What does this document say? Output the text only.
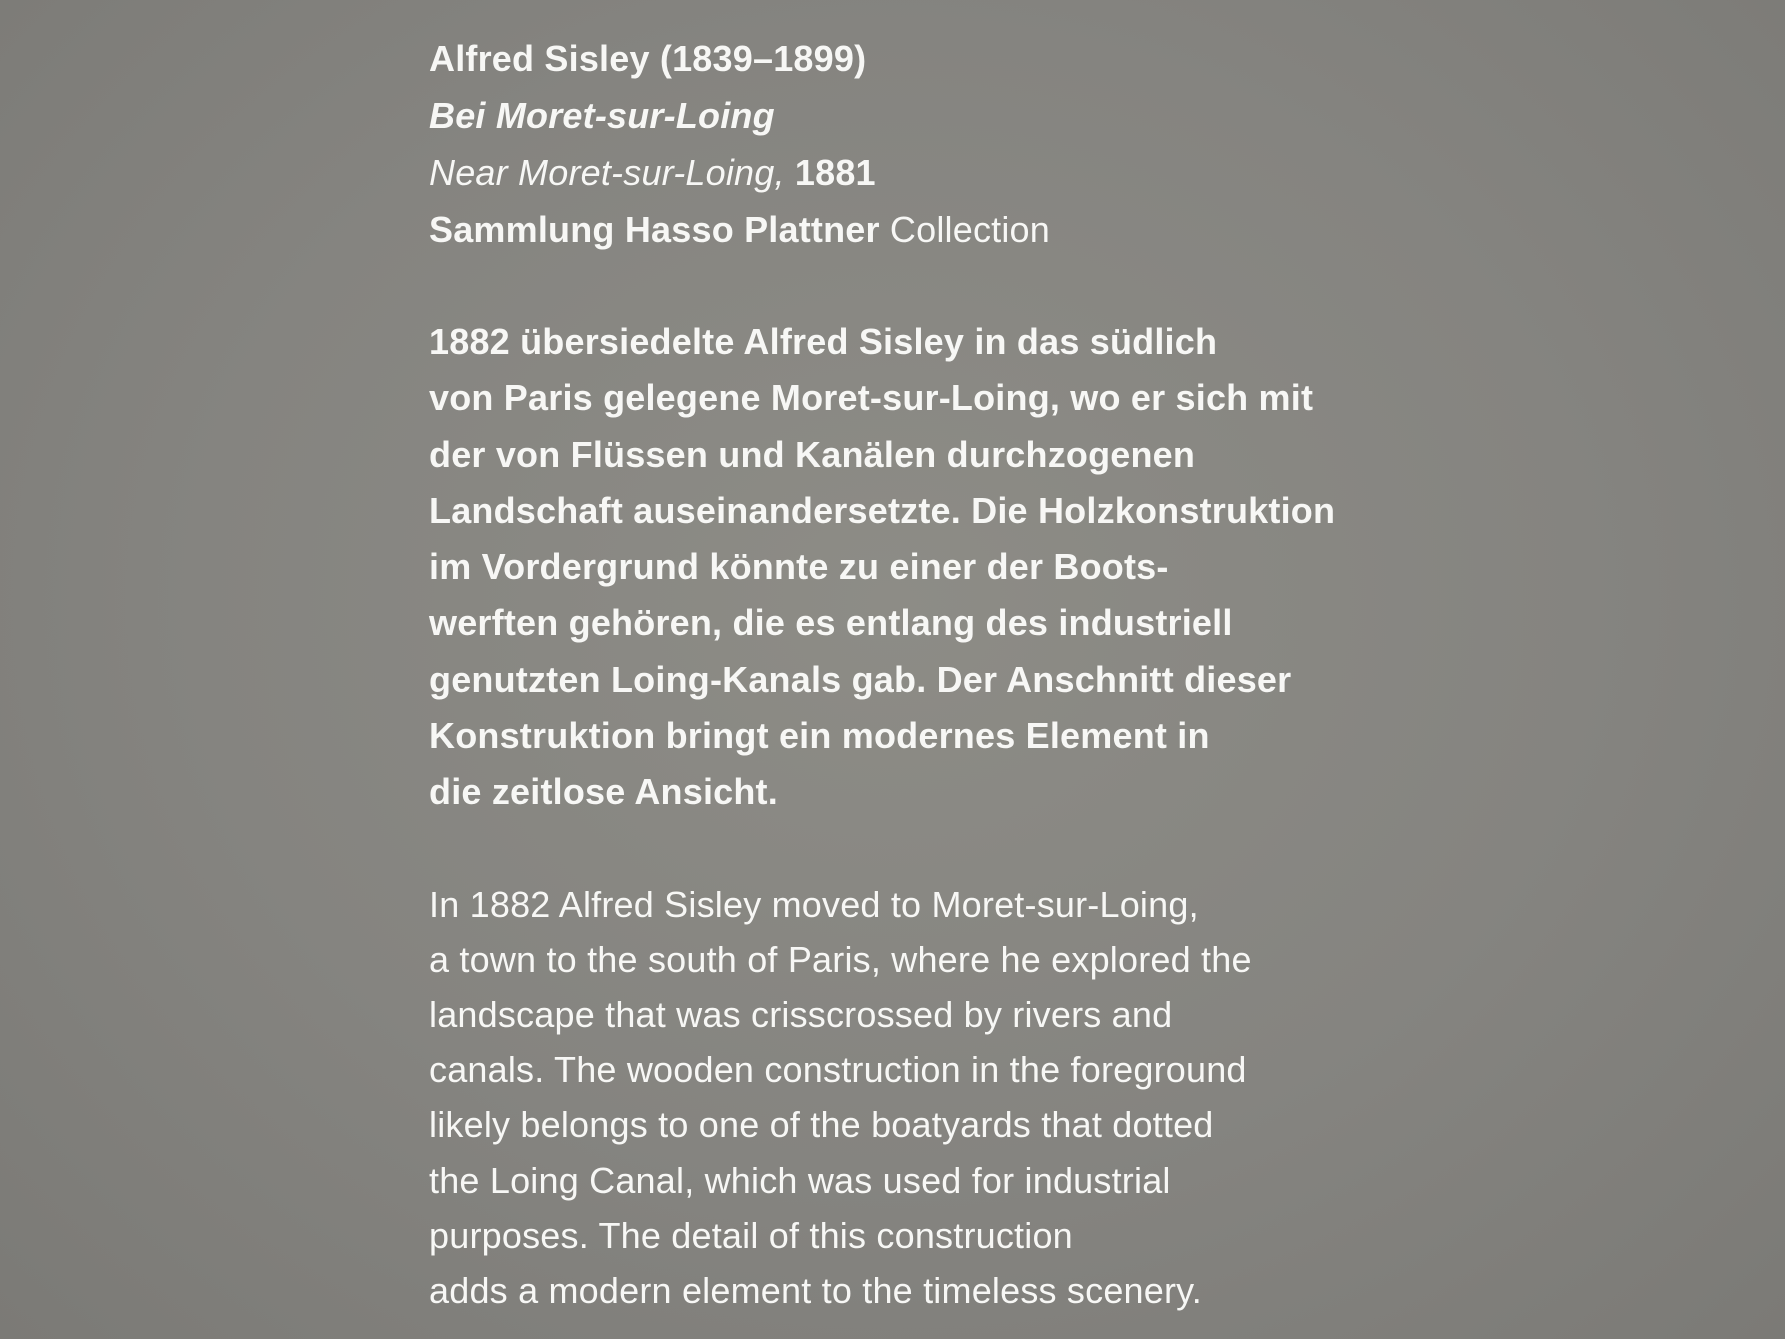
Alfred Sisley (1839–1899)
Bei Moret-sur-Loing
Near Moret-sur-Loing, 1881
Sammlung Hasso Plattner Collection
1882 übersiedelte Alfred Sisley in das südlich
von Paris gelegene Moret-sur-Loing, wo er sich mit
der von Flüssen und Kanälen durchzogenen
Landschaft auseinandersetzte. Die Holzkonstruktion
im Vordergrund könnte zu einer der Boots-
werften gehören, die es entlang des industriell
genutzten Loing-Kanals gab. Der Anschnitt dieser
Konstruktion bringt ein modernes Element in
die zeitlose Ansicht.
In 1882 Alfred Sisley moved to Moret-sur-Loing,
a town to the south of Paris, where he explored the
landscape that was crisscrossed by rivers and
canals. The wooden construction in the foreground
likely belongs to one of the boatyards that dotted
the Loing Canal, which was used for industrial
purposes. The detail of this construction
adds a modern element to the timeless scenery.
